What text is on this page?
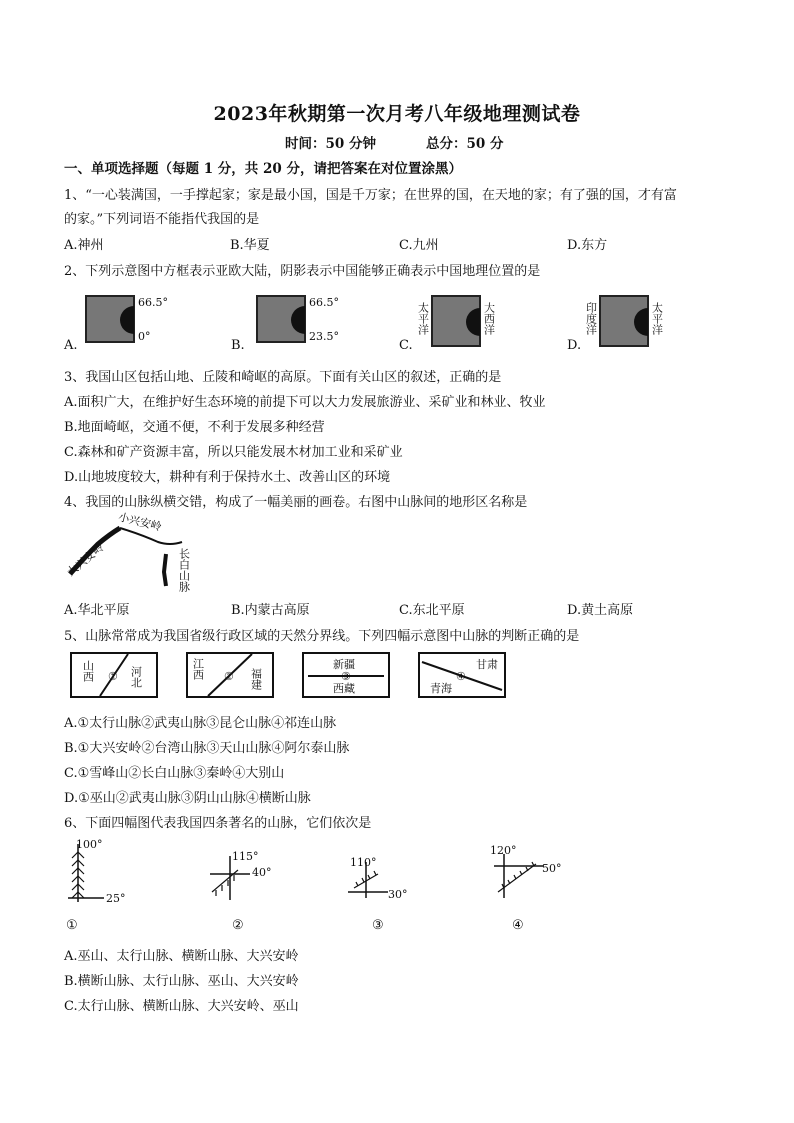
2023年秋期第一次月考八年级地理测试卷
时间：50 分钟	总分：50 分
一、单项选择题（每题 1 分，共 20 分，请把答案在对位置涂黑）
1、“一心装满国，一手撑起家；家是最小国，国是千万家；在世界的国，在天地的家；有了强的国，才有富
的家。”下列词语不能指代我国的是
A.神州	B.华夏	C.九州	D.东方
2、下列示意图中方框表示亚欧大陆，阴影表示中国能够正确表示中国地理位置的是
A.
66.5°
0°
B.
66.5°
23.5°
C.
太平洋	大西洋
D.
印度洋	太平洋
3、我国山区包括山地、丘陵和崎岖的高原。下面有关山区的叙述，正确的是
A.面积广大，在维护好生态环境的前提下可以大力发展旅游业、采矿业和林业、牧业
B.地面崎岖，交通不便，不利于发展多种经营
C.森林和矿产资源丰富，所以只能发展木材加工业和采矿业
D.山地坡度较大，耕种有利于保持水土、改善山区的环境
4、我国的山脉纵横交错，构成了一幅美丽的画卷。右图中山脉间的地形区名称是
大兴安岭
小兴安岭
长白山脉
A.华北平原	B.内蒙古高原	C.东北平原	D.黄土高原
5、山脉常常成为我国省级行政区域的天然分界线。下列四幅示意图中山脉的判断正确的是
山西 ① 河北	江西 ② 福建
新疆
③
西藏	青海
④
甘肃
A.①太行山脉②武夷山脉③昆仑山脉④祁连山脉
B.①大兴安岭②台湾山脉③天山山脉④阿尔泰山脉
C.①雪峰山②长白山脉③秦岭④大别山
D.①巫山②武夷山脉③阴山山脉④横断山脉
6、下面四幅图代表我国四条著名的山脉，它们依次是
100°
25°
115°
40°
110°
30°
120°
50°
①	②	③	④
A.巫山、太行山脉、横断山脉、大兴安岭
B.横断山脉、太行山脉、巫山、大兴安岭
C.太行山脉、横断山脉、大兴安岭、巫山
